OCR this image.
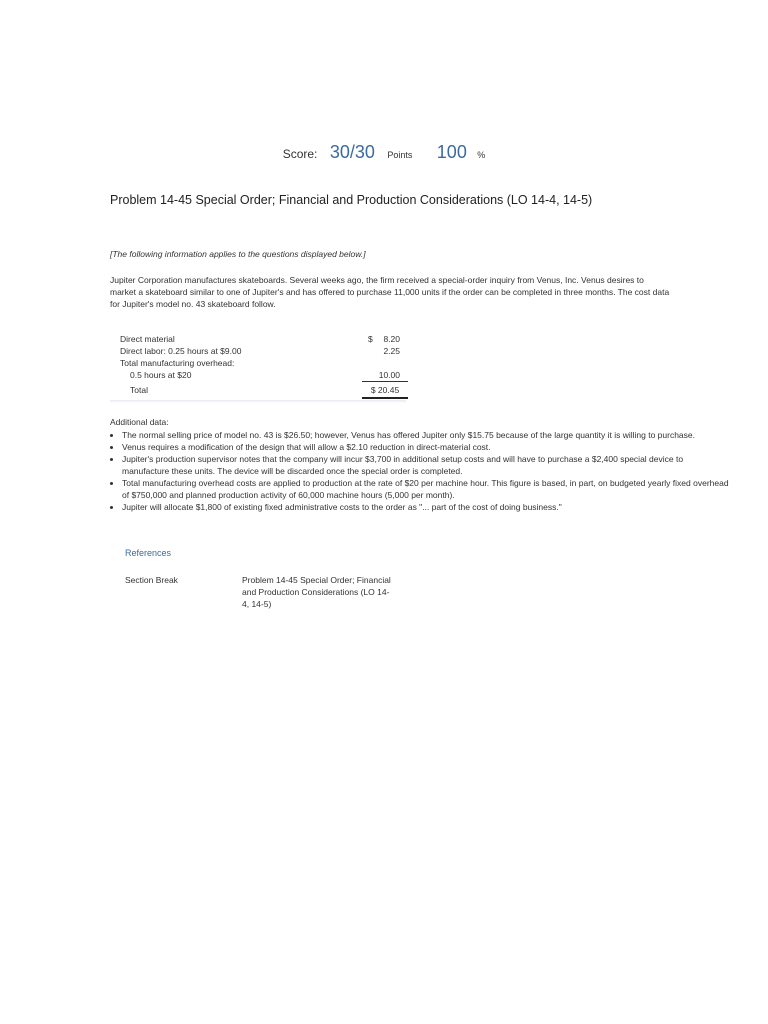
Score: 30/30 Points 100 %
Problem 14-45 Special Order; Financial and Production Considerations (LO 14-4, 14-5)
[The following information applies to the questions displayed below.]
Jupiter Corporation manufactures skateboards. Several weeks ago, the firm received a special-order inquiry from Venus, Inc. Venus desires to market a skateboard similar to one of Jupiter's and has offered to purchase 11,000 units if the order can be completed in three months. The cost data for Jupiter's model no. 43 skateboard follow.
Direct material	$ 8.20
Direct labor: 0.25 hours at $9.00	2.25
Total manufacturing overhead:
0.5 hours at $20	10.00
Total	$ 20.45
Additional data:
• The normal selling price of model no. 43 is $26.50; however, Venus has offered Jupiter only $15.75 because of the large quantity it is willing to purchase.
• Venus requires a modification of the design that will allow a $2.10 reduction in direct-material cost.
• Jupiter's production supervisor notes that the company will incur $3,700 in additional setup costs and will have to purchase a $2,400 special device to manufacture these units. The device will be discarded once the special order is completed.
• Total manufacturing overhead costs are applied to production at the rate of $20 per machine hour. This figure is based, in part, on budgeted yearly fixed overhead of $750,000 and planned production activity of 60,000 machine hours (5,000 per month).
• Jupiter will allocate $1,800 of existing fixed administrative costs to the order as "... part of the cost of doing business."
References
Section Break	Problem 14-45 Special Order; Financial and Production Considerations (LO 14-4, 14-5)
